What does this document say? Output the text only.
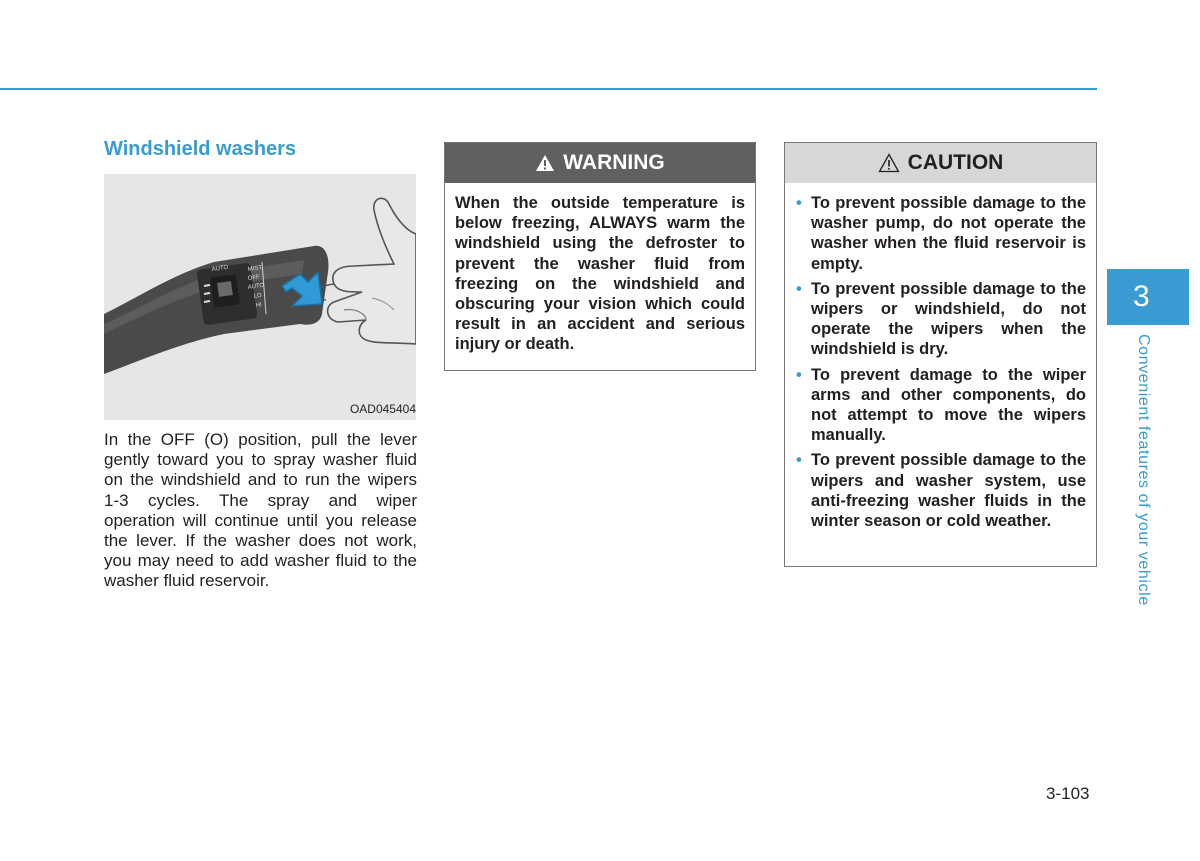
Windshield washers
AUTO	MIST
OFF
AUTO
LO
HI
OAD045404

In the OFF (O) position, pull the lever gently toward you to spray washer fluid on the windshield and to run the wipers 1-3 cycles. The spray and wiper operation will continue until you release the lever. If the washer does not work, you may need to add washer fluid to the washer fluid reservoir.

WARNING
When the outside temperature is below freezing, ALWAYS warm the windshield using the defroster to prevent the washer fluid from freezing on the windshield and obscuring your vision which could result in an accident and serious injury or death.
CAUTION
• To prevent possible damage to the washer pump, do not operate the washer when the fluid reservoir is empty.
• To prevent possible damage to the wipers or windshield, do not operate the wipers when the windshield is dry.
• To prevent damage to the wiper arms and other components, do not attempt to move the wipers manually.
• To prevent possible damage to the wipers and washer system, use anti-freezing washer fluids in the winter season or cold weather.
3
Convenient features of your vehicle
3-103
